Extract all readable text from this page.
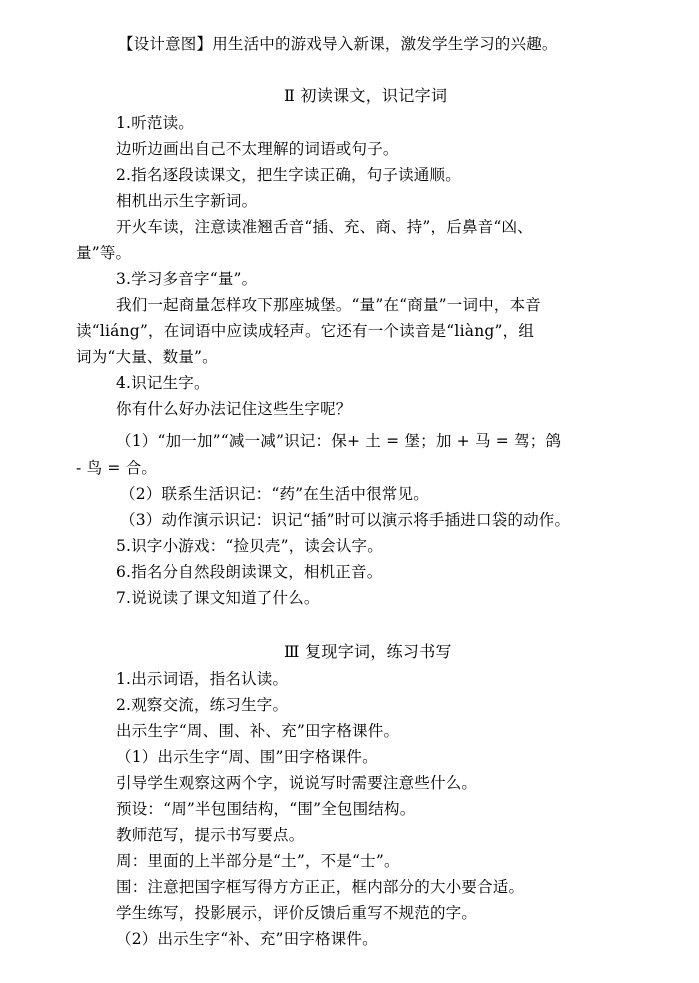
【设计意图】用生活中的游戏导入新课，激发学生学习的兴趣。
Ⅱ 初读课文，识记字词
1.听范读。
边听边画出自己不太理解的词语或句子。
2.指名逐段读课文，把生字读正确，句子读通顺。
相机出示生字新词。
开火车读，注意读准翘舌音“插、充、商、持”，后鼻音“凶、
量”等。
3.学习多音字“量”。
我们一起商量怎样攻下那座城堡。“量”在“商量”一词中，本音
读“liáng”，在词语中应读成轻声。它还有一个读音是“liàng”，组
词为“大量、数量”。
4.识记生字。
你有什么好办法记住这些生字呢？
（1）“加一加”“减一减”识记：保+ 土 = 堡；加 + 马 = 驾；鸽
- 鸟 = 合。
（2）联系生活识记：“药”在生活中很常见。
（3）动作演示识记：识记“插”时可以演示将手插进口袋的动作。
5.识字小游戏：“捡贝壳”，读会认字。
6.指名分自然段朗读课文，相机正音。
7.说说读了课文知道了什么。
Ⅲ 复现字词，练习书写
1.出示词语，指名认读。
2.观察交流，练习生字。
出示生字“周、围、补、充”田字格课件。
（1）出示生字“周、围”田字格课件。
引导学生观察这两个字，说说写时需要注意些什么。
预设：“周”半包围结构，“围”全包围结构。
教师范写，提示书写要点。
周：里面的上半部分是“土”，不是“士”。
围：注意把国字框写得方方正正，框内部分的大小要合适。
学生练写，投影展示，评价反馈后重写不规范的字。
（2）出示生字“补、充”田字格课件。
